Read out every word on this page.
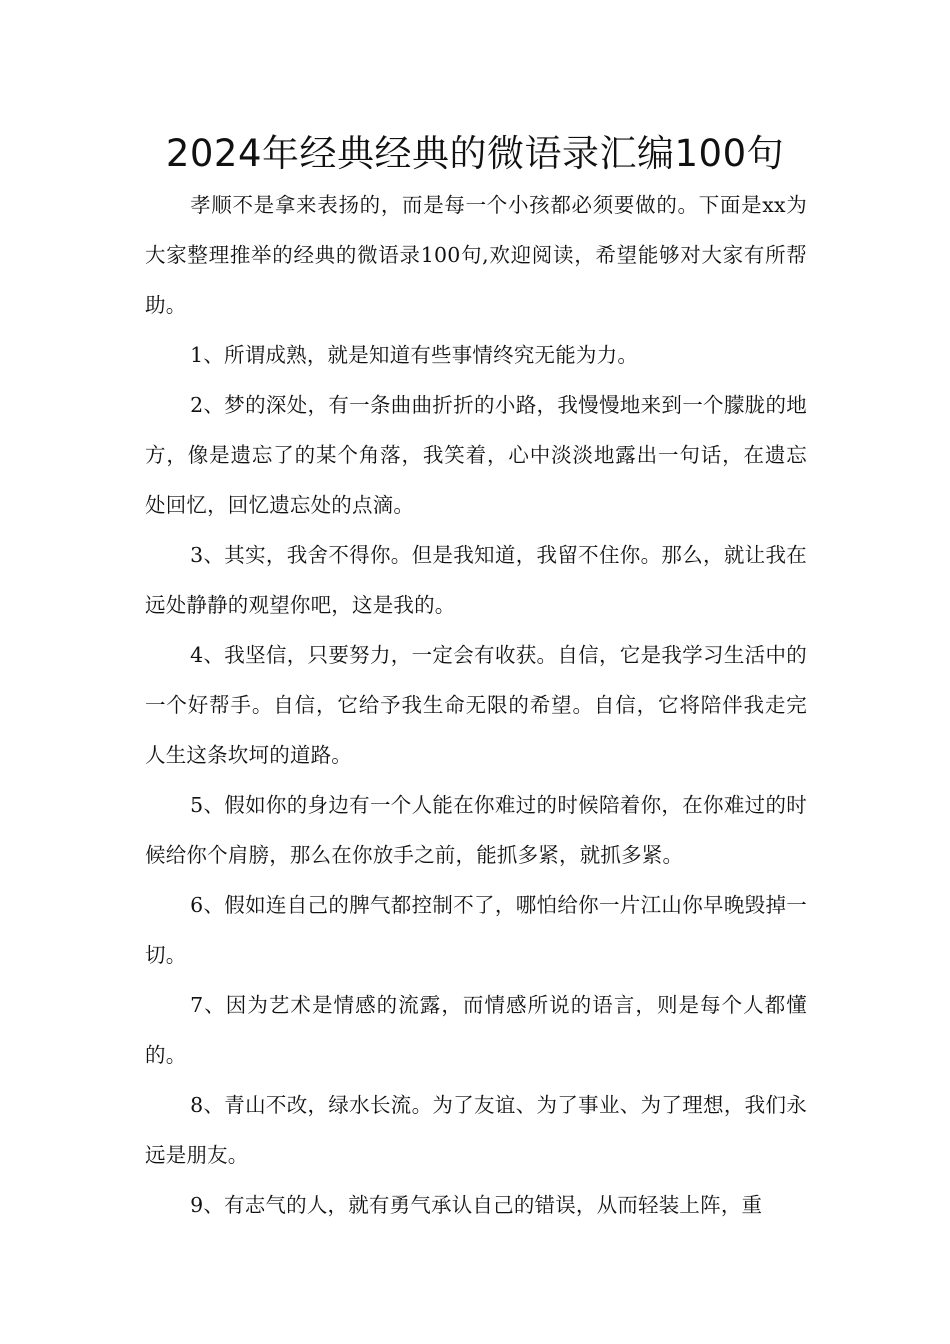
2024年经典经典的微语录汇编100句

孝顺不是拿来表扬的，而是每一个小孩都必须要做的。下面是xx为大家整理推举的经典的微语录100句,欢迎阅读，希望能够对大家有所帮助。

1、所谓成熟，就是知道有些事情终究无能为力。

2、梦的深处，有一条曲曲折折的小路，我慢慢地来到一个朦胧的地方，像是遗忘了的某个角落，我笑着，心中淡淡地露出一句话，在遗忘处回忆，回忆遗忘处的点滴。

3、其实，我舍不得你。但是我知道，我留不住你。那么，就让我在远处静静的观望你吧，这是我的。

4、我坚信，只要努力，一定会有收获。自信，它是我学习生活中的一个好帮手。自信，它给予我生命无限的希望。自信，它将陪伴我走完人生这条坎坷的道路。

5、假如你的身边有一个人能在你难过的时候陪着你，在你难过的时候给你个肩膀，那么在你放手之前，能抓多紧，就抓多紧。

6、假如连自己的脾气都控制不了，哪怕给你一片江山你早晚毁掉一切。

7、因为艺术是情感的流露，而情感所说的语言，则是每个人都懂的。

8、青山不改，绿水长流。为了友谊、为了事业、为了理想，我们永远是朋友。

9、有志气的人，就有勇气承认自己的错误，从而轻装上阵，重
